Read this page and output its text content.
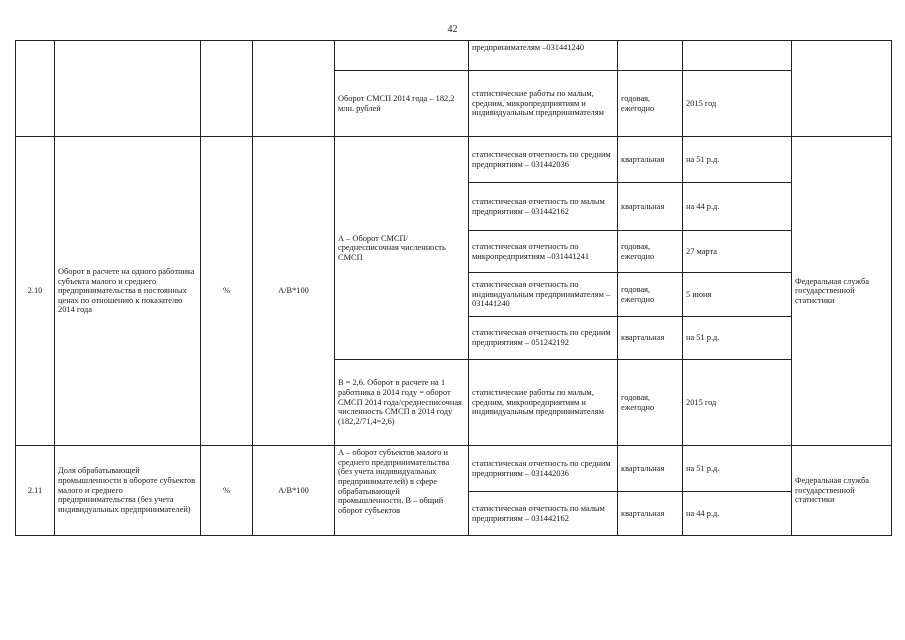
42
					предпринимателям –031441240			
				Оборот СМСП 2014 года – 182,2 млн. рублей	статистические работы по малым, средним, микропредприятиям и индивидуальным предпринимателям	годовая, ежегодно	2015 год	
2.10	Оборот в расчете на одного работника субъекта малого и среднего предпринимательства в постоянных ценах по отношению к показателю 2014 года	%	А/В*100	А – Оборот СМСП/среднесписочная численность СМСП	статистическая отчетность по средним предприятиям – 031442036	квартальная	на 51 р.д.	Федеральная служба государственной статистики
					статистическая отчетность по малым предприятиям – 031442162	квартальная	на 44 р.д.	
					статистическая отчетность по микропредприятиям –031441241	годовая, ежегодно	27 марта	
					статистическая отчетность по индивидуальным предпринимателям –031441240	годовая, ежегодно	5 июня	
					статистическая отчетность по средним предприятиям – 051242192	квартальная	на 51 р.д.	
				В = 2,6. Оборот в расчете на 1 работника в 2014 году = оборот СМСП 2014 года/среднесписочная численность СМСП в 2014 году (182,2/71,4=2,6)	статистические работы по малым, средним, микропредприятиям и индивидуальным предпринимателям	годовая, ежегодно	2015 год	
2.11	Доля обрабатывающей промышленности в обороте субъектов малого и среднего предпринимательства (без учета индивидуальных предпринимателей)	%	А/В*100	А – оборот субъектов малого и среднего предпринимательства (без учета индивидуальных предпринимателей) в сфере обрабатывающей промышленности. В – общий оборот субъектов	статистическая отчетность по средним предприятиям – 031442036	квартальная	на 51 р.д.	Федеральная служба государственной статистики
					статистическая отчетность по малым предприятиям – 031442162	квартальная	на 44 р.д.	
